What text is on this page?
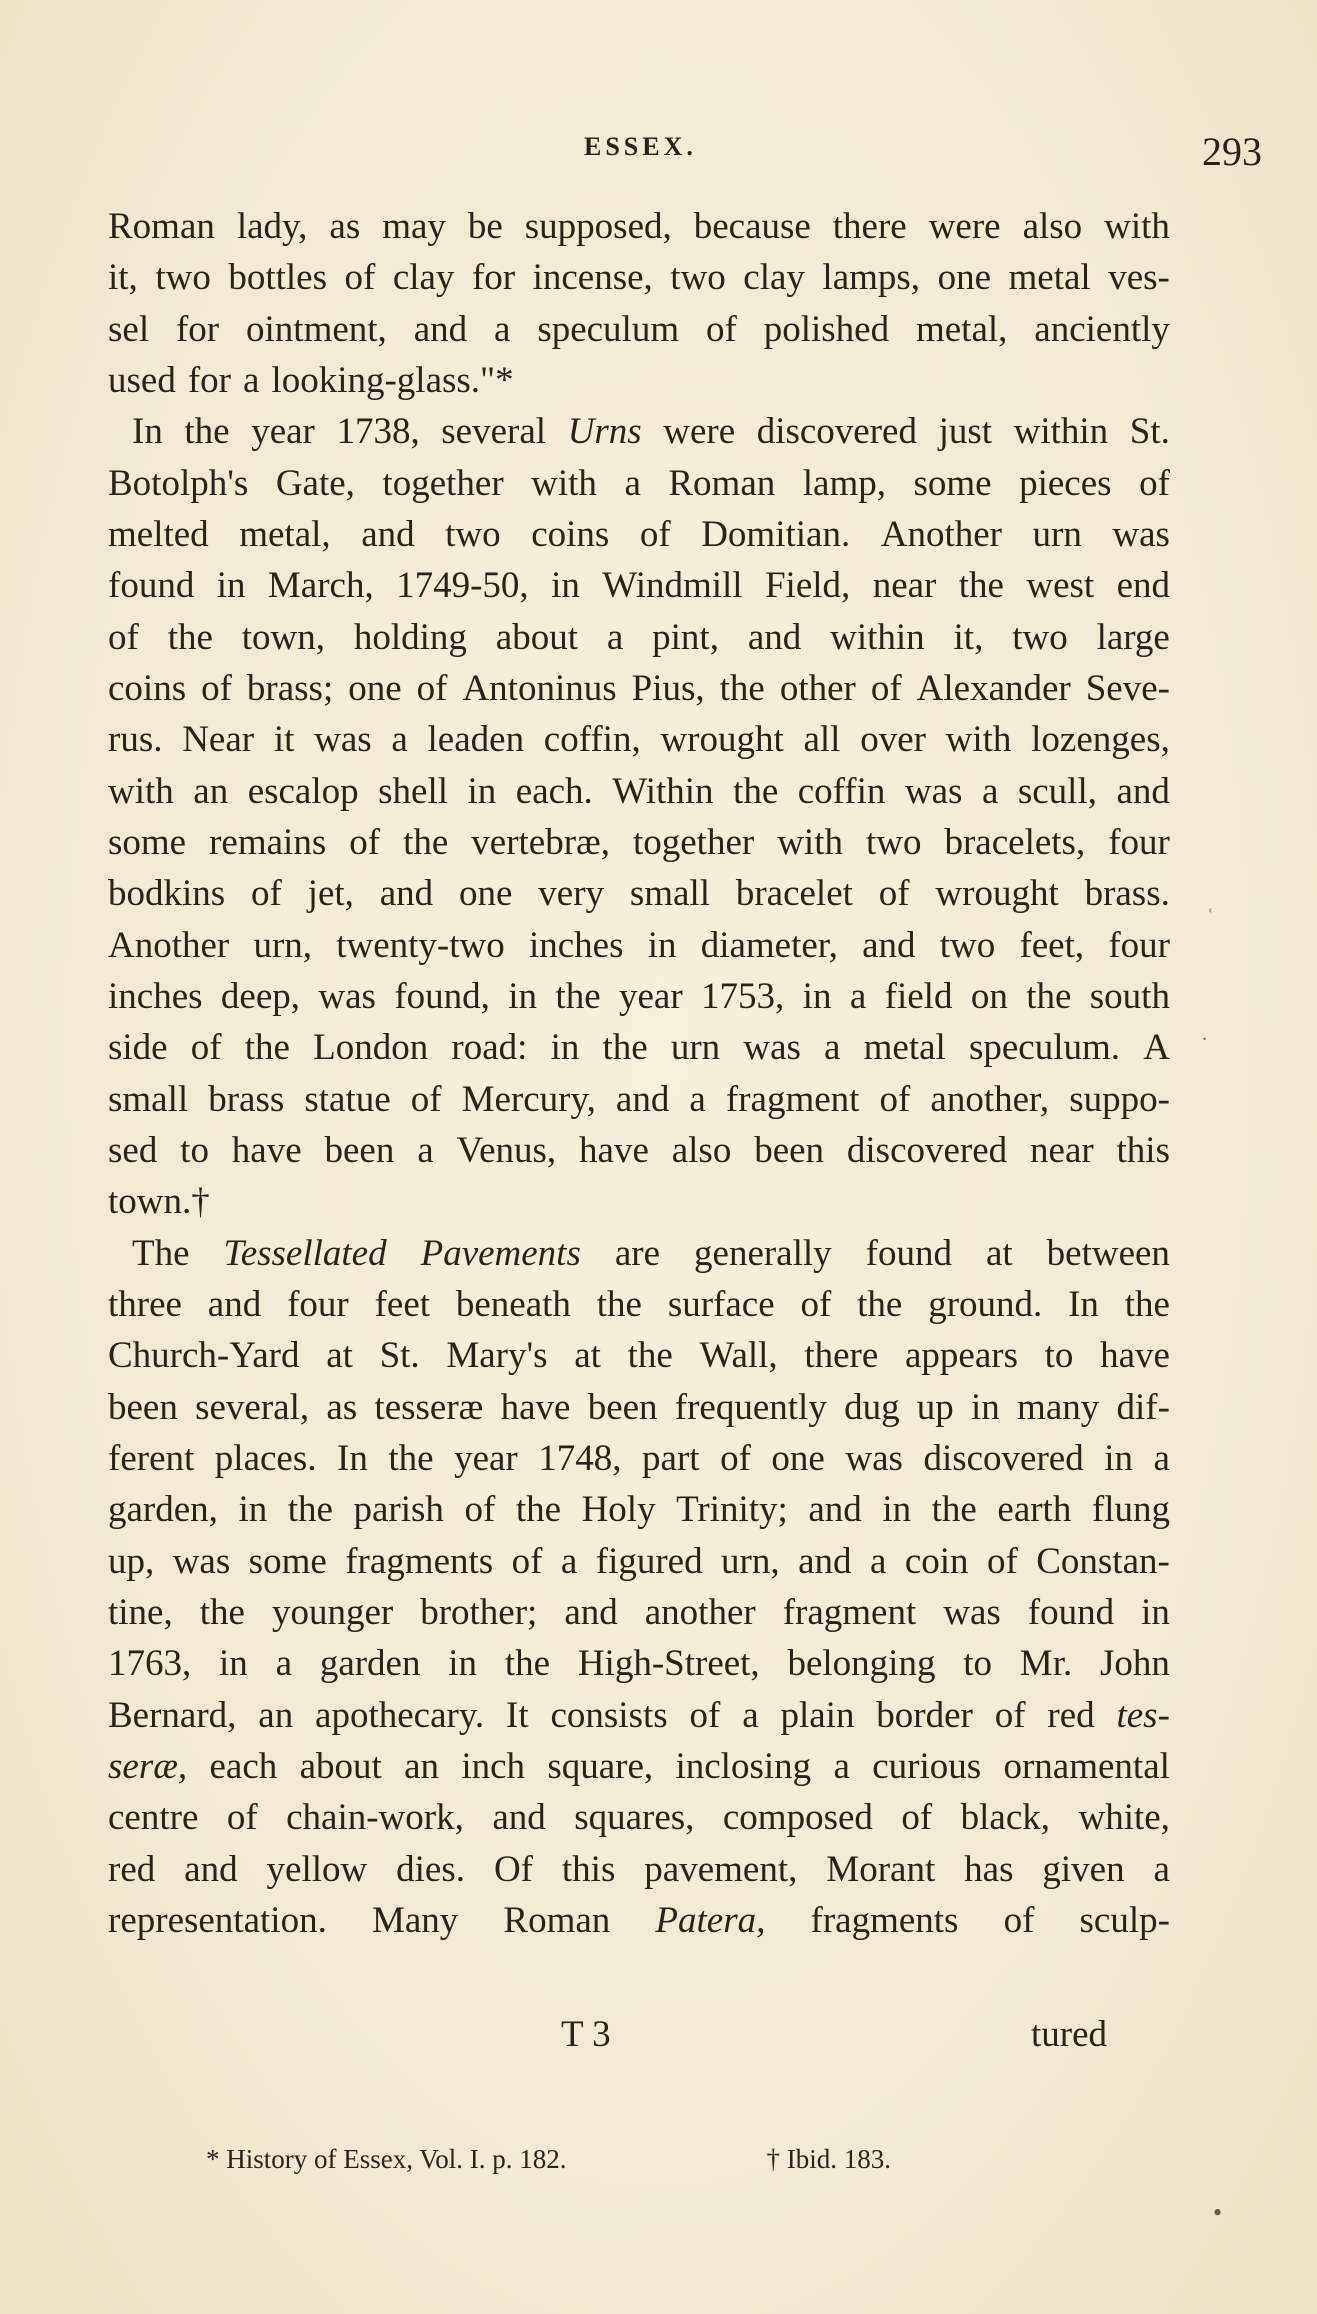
ESSEX.	293
Roman lady, as may be supposed, because there were also with
it, two bottles of clay for incense, two clay lamps, one metal ves-
sel for ointment, and a speculum of polished metal, anciently
used for a looking-glass."*
In the year 1738, several Urns were discovered just within St.
Botolph's Gate, together with a Roman lamp, some pieces of
melted metal, and two coins of Domitian. Another urn was
found in March, 1749-50, in Windmill Field, near the west end
of the town, holding about a pint, and within it, two large
coins of brass; one of Antoninus Pius, the other of Alexander Seve-
rus. Near it was a leaden coffin, wrought all over with lozenges,
with an escalop shell in each. Within the coffin was a scull, and
some remains of the vertebræ, together with two bracelets, four
bodkins of jet, and one very small bracelet of wrought brass.
Another urn, twenty-two inches in diameter, and two feet, four
inches deep, was found, in the year 1753, in a field on the south
side of the London road: in the urn was a metal speculum. A
small brass statue of Mercury, and a fragment of another, suppo-
sed to have been a Venus, have also been discovered near this
town.†
The Tessellated Pavements are generally found at between
three and four feet beneath the surface of the ground. In the
Church-Yard at St. Mary's at the Wall, there appears to have
been several, as tesseræ have been frequently dug up in many dif-
ferent places. In the year 1748, part of one was discovered in a
garden, in the parish of the Holy Trinity; and in the earth flung
up, was some fragments of a figured urn, and a coin of Constan-
tine, the younger brother; and another fragment was found in
1763, in a garden in the High-Street, belonging to Mr. John
Bernard, an apothecary. It consists of a plain border of red tes-
seræ, each about an inch square, inclosing a curious ornamental
centre of chain-work, and squares, composed of black, white,
red and yellow dies. Of this pavement, Morant has given a
representation. Many Roman Patera, fragments of sculp-
T 3	tured
* History of Essex, Vol. I. p. 182.	† Ibid. 183.
ʿ
.
•
